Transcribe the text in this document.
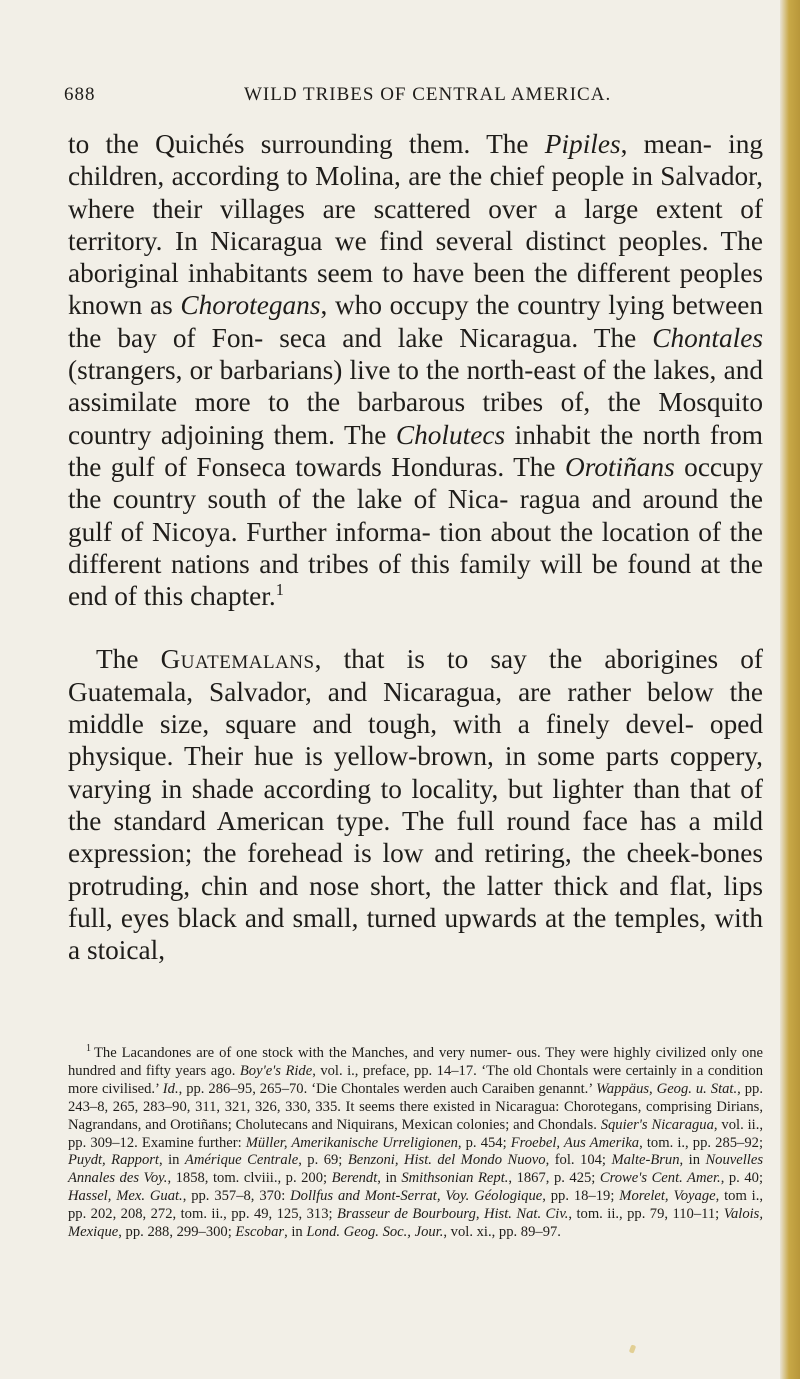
688	WILD TRIBES OF CENTRAL AMERICA.

to the Quichés surrounding them. The Pipiles, mean- ing children, according to Molina, are the chief people in Salvador, where their villages are scattered over a large extent of territory. In Nicaragua we find several distinct peoples. The aboriginal inhabitants seem to have been the different peoples known as Chorotegans, who occupy the country lying between the bay of Fon- seca and lake Nicaragua. The Chontales (strangers, or barbarians) live to the north-east of the lakes, and assimilate more to the barbarous tribes of, the Mosquito country adjoining them. The Cholutecs inhabit the north from the gulf of Fonseca towards Honduras. The Orotiñans occupy the country south of the lake of Nica- ragua and around the gulf of Nicoya. Further informa- tion about the location of the different nations and tribes of this family will be found at the end of this chapter.$^1$

The Guatemalans, that is to say the aborigines of Guatemala, Salvador, and Nicaragua, are rather below the middle size, square and tough, with a finely devel- oped physique. Their hue is yellow-brown, in some parts coppery, varying in shade according to locality, but lighter than that of the standard American type. The full round face has a mild expression; the forehead is low and retiring, the cheek-bones protruding, chin and nose short, the latter thick and flat, lips full, eyes black and small, turned upwards at the temples, with a stoical,

$^1$ The Lacandones are of one stock with the Manches, and very numer- ous. They were highly civilized only one hundred and fifty years ago. Boy'e's Ride, vol. i., preface, pp. 14–17. ‘The old Chontals were certainly in a condition more civilised.’ Id., pp. 286–95, 265–70. ‘Die Chontales werden auch Caraiben genannt.’ Wappäus, Geog. u. Stat., pp. 243–8, 265, 283–90, 311, 321, 326, 330, 335. It seems there existed in Nicaragua: Chorotegans, comprising Dirians, Nagrandans, and Orotiñans; Cholutecans and Niquirans, Mexican colonies; and Chondals. Squier's Nicaragua, vol. ii., pp. 309–12. Examine further: Müller, Amerikanische Urreligionen, p. 454; Froebel, Aus Amerika, tom. i., pp. 285–92; Puydt, Rapport, in Amérique Centrale, p. 69; Benzoni, Hist. del Mondo Nuovo, fol. 104; Malte-Brun, in Nouvelles Annales des Voy., 1858, tom. clviii., p. 200; Berendt, in Smithsonian Rept., 1867, p. 425; Crowe's Cent. Amer., p. 40; Hassel, Mex. Guat., pp. 357–8, 370: Dollfus and Mont-Serrat, Voy. Géologique, pp. 18–19; Morelet, Voyage, tom i., pp. 202, 208, 272, tom. ii., pp. 49, 125, 313; Brasseur de Bourbourg, Hist. Nat. Civ., tom. ii., pp. 79, 110–11; Valois, Mexique, pp. 288, 299–300; Escobar, in Lond. Geog. Soc., Jour., vol. xi., pp. 89–97.
